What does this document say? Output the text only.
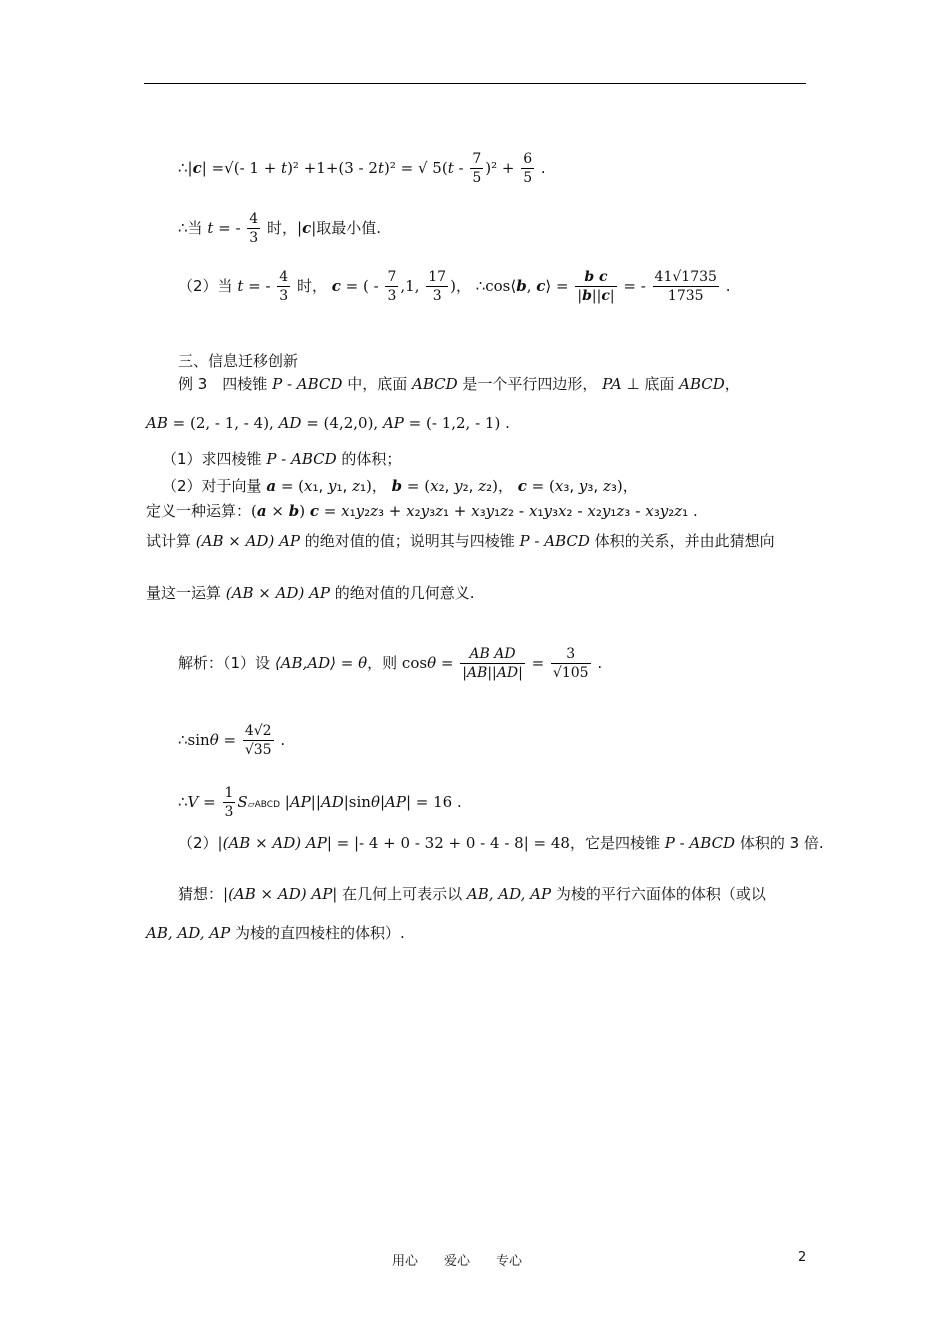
∴|c| =√(- 1 + t)² +1+(3 - 2t)² = √ $5(t - \frac{7}{5} )^2 + \frac{6}{5}$ .
∴当 t = - $\frac{4}{3}$ 时，|c|取最小值.
（2）当 t = - $\frac{4}{3}$ 时， c = ( - $\frac{7}{3} ,1$, $\frac{17}{3}$ )， ∴cos⟨b, c⟩ = $\frac{\text{b c}}{|b||c|}$ = - $\frac{41√1735}{1735}$ .
三、信息迁移创新
例 3　四棱锥 P - ABCD 中，底面 ABCD 是一个平行四边形， PA ⊥ 底面 ABCD，
AB = (2, - 1, - 4), AD = (4,2,0), AP = (- 1,2, - 1) .
（1）求四棱锥 P - ABCD 的体积；
（2）对于向量 a = (x₁, y₁, z₁)， b = (x₂, y₂, z₂)， c = (x₃, y₃, z₃)，
定义一种运算：(a × b) c = x₁y₂z₃ + x₂y₃z₁ + x₃y₁z₂ - x₁y₃x₂ - x₂y₁z₃ - x₃y₂z₁ .
试计算 (AB × AD) AP 的绝对值的值；说明其与四棱锥 P - ABCD 体积的关系，并由此猜想向
量这一运算 (AB × AD) AP 的绝对值的几何意义.
解析：（1）设 ⟨AB,AD⟩ = θ，则 $\cos\theta = \frac{\text{AB AD}}{|AB||AD|} = \frac{3}{√105}$ .
∴sinθ = $\frac{4√2}{√35}$ .
∴V = $\frac{1}{3}$ S▱ABCD |AP||AD|sinθ|AP| = 16 .
（2）|(AB × AD) AP| = |- 4 + 0 - 32 + 0 - 4 - 8| = 48，它是四棱锥 P - ABCD 体积的 3 倍.
猜想：|(AB × AD) AP| 在几何上可表示以 AB, AD, AP 为棱的平行六面体的体积（或以
AB, AD, AP 为棱的直四棱柱的体积）.
用心　　爱心　　专心	2
